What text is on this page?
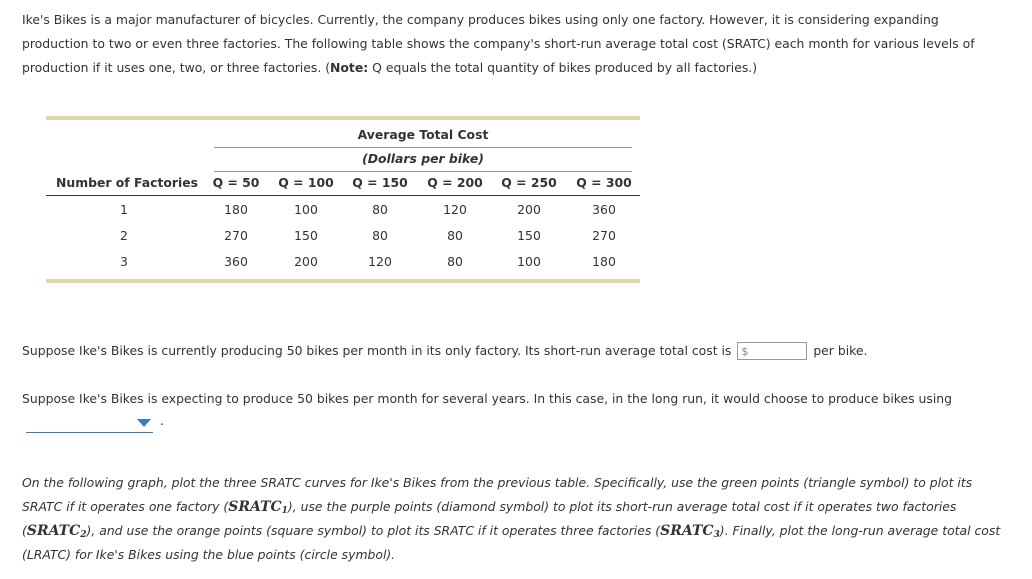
Ike's Bikes is a major manufacturer of bicycles. Currently, the company produces bikes using only one factory. However, it is considering expanding production to two or even three factories. The following table shows the company's short-run average total cost (SRATC) each month for various levels of production if it uses one, two, or three factories. (Note: Q equals the total quantity of bikes produced by all factories.)
Average Total Cost
(Dollars per bike)
Number of Factories	Q = 50	Q = 100 Q = 150 Q = 200 Q = 250 Q = 300
1	180	100	80	120	200	360
2	270	150	80	80	150	270
3	360	200	120	80	100	180
Suppose Ike's Bikes is currently producing 50 bikes per month in its only factory. Its short-run average total cost is $	per bike.
Suppose Ike's Bikes is expecting to produce 50 bikes per month for several years. In this case, in the long run, it would choose to produce bikes using
.
On the following graph, plot the three SRATC curves for Ike's Bikes from the previous table. Specifically, use the green points (triangle symbol) to plot its SRATC if it operates one factory $(SRATC_1)$, use the purple points (diamond symbol) to plot its short-run average total cost if it operates two factories $(SRATC_2)$, and use the orange points (square symbol) to plot its SRATC if it operates three factories $(SRATC_3)$. Finally, plot the long-run average total cost (LRATC) for Ike's Bikes using the blue points (circle symbol).
